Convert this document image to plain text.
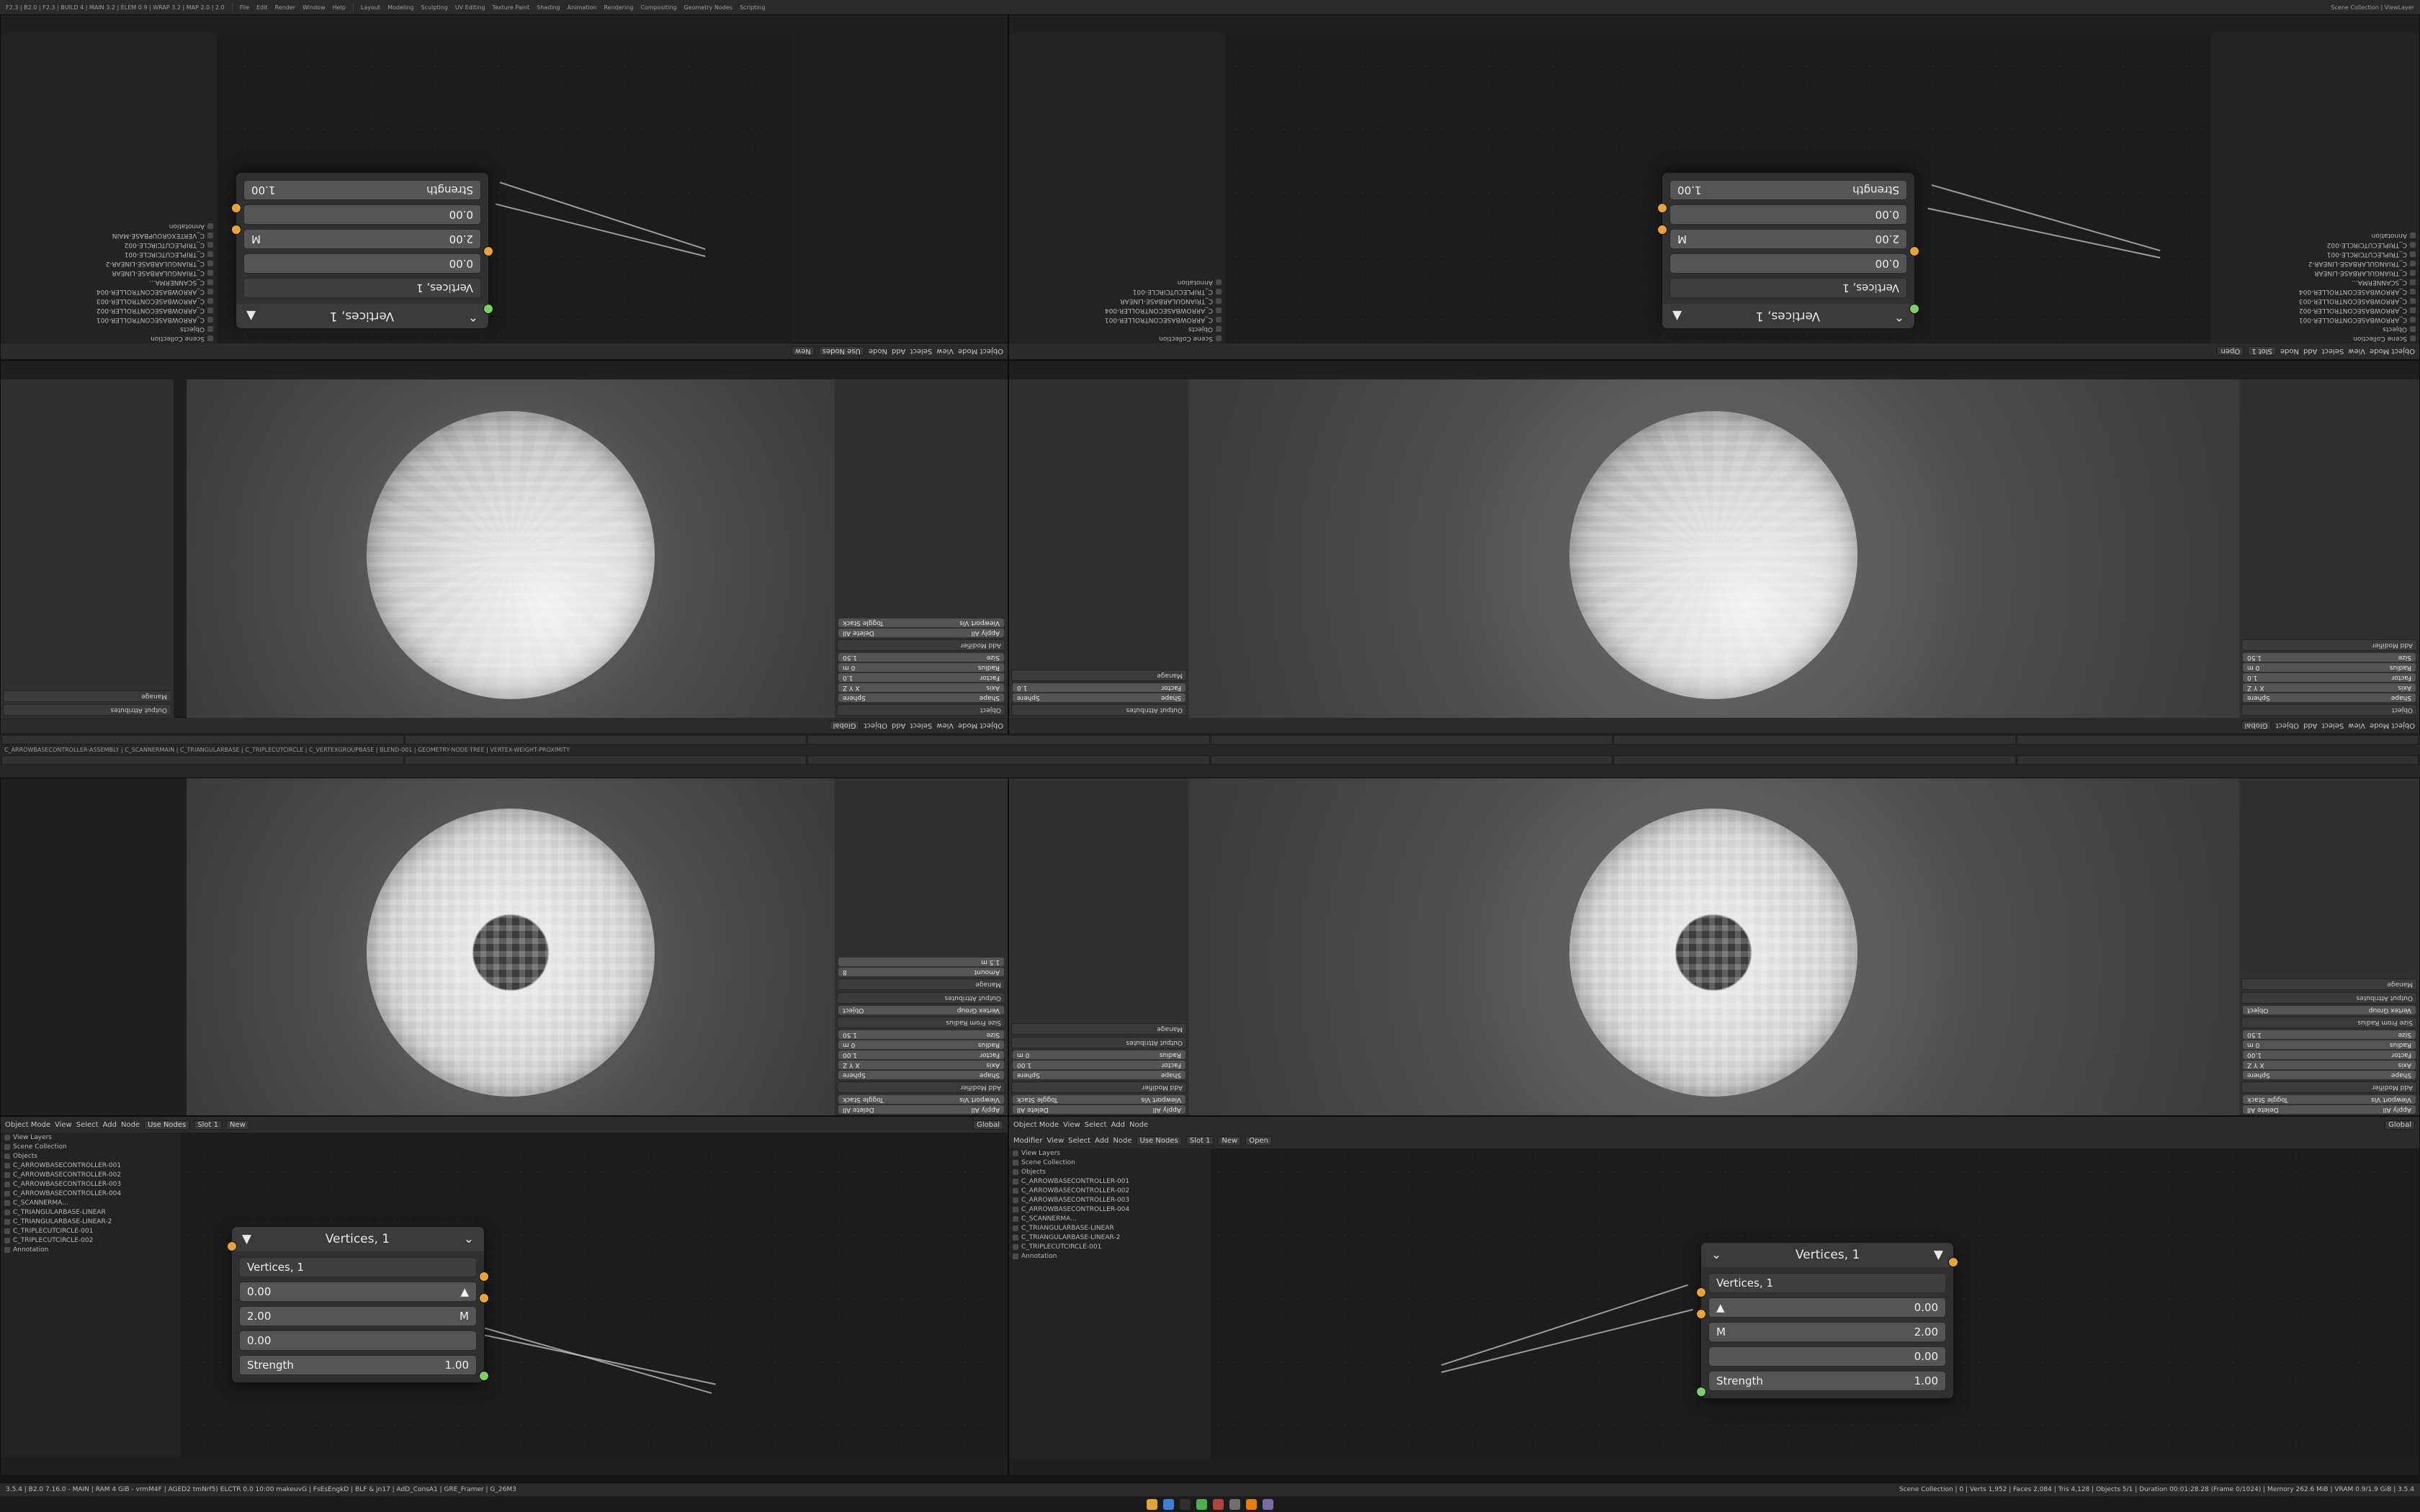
F2.3 | B2.0 | F2.3 | BUILD 4 | MAIN 3.2 | ELEM 0.9 | WRAP 3.2 | MAP 2.0 | 2.0	File Edit Render Window Help	Layout Modeling Sculpting UV Editing Texture Paint Shading Animation Rendering Compositing Geometry Nodes Scripting	Scene Collection | ViewLayer
Object Mode
View
Select
Add
Node
Use Nodes
New
⌃
Vertices, 1
▲
Vertices, 1
0.00
2.00
M
0.00
Strength
1.00
Scene Collection
Objects
C_ARROWBASECONTROLLER-001
C_ARROWBASECONTROLLER-002
C_ARROWBASECONTROLLER-003
C_ARROWBASECONTROLLER-004
C_SCANNERMA...
C_TRIANGULARBASE-LINEAR
C_TRIANGULARBASE-LINEAR-2
C_TRIPLECUTCIRCLE-001
C_TRIPLECUTCIRCLE-002
C_VERTEXGROUPBASE-MAIN
Annotation
Object Mode
View
Select
Add
Node
Slot 1
Open
Scene Collection
Objects
C_ARROWBASECONTROLLER-001
C_ARROWBASECONTROLLER-002
C_ARROWBASECONTROLLER-003
C_ARROWBASECONTROLLER-004
C_SCANNERMA...
C_TRIANGULARBASE-LINEAR
C_TRIANGULARBASE-LINEAR-2
C_TRIPLECUTCIRCLE-001
C_TRIPLECUTCIRCLE-002
Annotation
⌃
Vertices, 1
▲
Vertices, 1
0.00
2.00
M
0.00
Strength
1.00
Scene Collection
Objects
C_ARROWBASECONTROLLER-001
C_ARROWBASECONTROLLER-004
C_TRIANGULARBASE-LINEAR
C_TRIPLECUTCIRCLE-001
Annotation
Object Mode
View
Select
Add
Object
Global
Object
Shape
Sphere
Axis
X Y Z
Factor
1.0
Radius
0 m
Size
1.50
Add Modifier
Apply All
Delete All
Viewport Vis
Toggle Stack
Output Attributes
Manage
Object Mode
View
Select
Add
Object
Global
Object
Shape
Sphere
Axis
X Y Z
Factor
1.0
Radius
0 m
Size
1.50
Add Modifier
Output Attributes
Shape
Sphere
Factor
1.0
Manage
C_ARROWBASECONTROLLER-ASSEMBLY | C_SCANNERMAIN | C_TRIANGULARBASE | C_TRIPLECUTCIRCLE | C_VERTEXGROUPBASE | BLEND-001 | GEOMETRY-NODE-TREE | VERTEX-WEIGHT-PROXIMITY
Apply All
Delete All
Viewport Vis
Toggle Stack
Add Modifier
Shape
Sphere
Axis
X Y Z
Factor
1.00
Radius
0 m
Size
1.50
Size From Radius
Vertex Group
Object
Output Attributes
Manage
Amount
8
1.5 m
Apply All
Delete All
Viewport Vis
Toggle Stack
Add Modifier
Shape
Sphere
Axis
X Y Z
Factor
1.00
Radius
0 m
Size
1.50
Size From Radius
Vertex Group
Object
Output Attributes
Manage
Apply All
Delete All
Viewport Vis
Toggle Stack
Add Modifier
Shape
Sphere
Factor
1.00
Radius
0 m
Output Attributes
Manage
Object Mode View Select Add Node	Use Nodes	Slot 1	New	Global
View Layers
Scene Collection
Objects
C_ARROWBASECONTROLLER-001
C_ARROWBASECONTROLLER-002
C_ARROWBASECONTROLLER-003
C_ARROWBASECONTROLLER-004
C_SCANNERMA...
C_TRIANGULARBASE-LINEAR
C_TRIANGULARBASE-LINEAR-2
C_TRIPLECUTCIRCLE-001
C_TRIPLECUTCIRCLE-002
Annotation
▼	Vertices, 1	⌄
Vertices, 1
0.00	▲
2.00	M
0.00
Strength	1.00
Object Mode View Select Add Node	Global
Modifier View Select Add Node	Use Nodes	Slot 1	New	Open
View Layers
Scene Collection
Objects
C_ARROWBASECONTROLLER-001
C_ARROWBASECONTROLLER-002
C_ARROWBASECONTROLLER-003
C_ARROWBASECONTROLLER-004
C_SCANNERMA...
C_TRIANGULARBASE-LINEAR
C_TRIANGULARBASE-LINEAR-2
C_TRIPLECUTCIRCLE-001
Annotation	⌄	Vertices, 1	▼
Vertices, 1
▲	0.00
M	2.00
0.00
Strength	1.00
3.5.4 | B2.0 7.16.0 - MAIN | RAM 4 GiB - vrmM4F | AGED2 tmNrf5) ELCTR 0.0 10:00 makeuvG | FsEsEngkD | BLF & jn17 | AdD_ConsA1 | GRE_Framer | G_26M3	Scene Collection | 0 | Verts 1,952 | Faces 2,084 | Tris 4,128 | Objects 5/1 | Duration 00:01:28.28 (Frame 0/1024) | Memory 262.6 MiB | VRAM 0.9/1.9 GiB | 3.5.4
